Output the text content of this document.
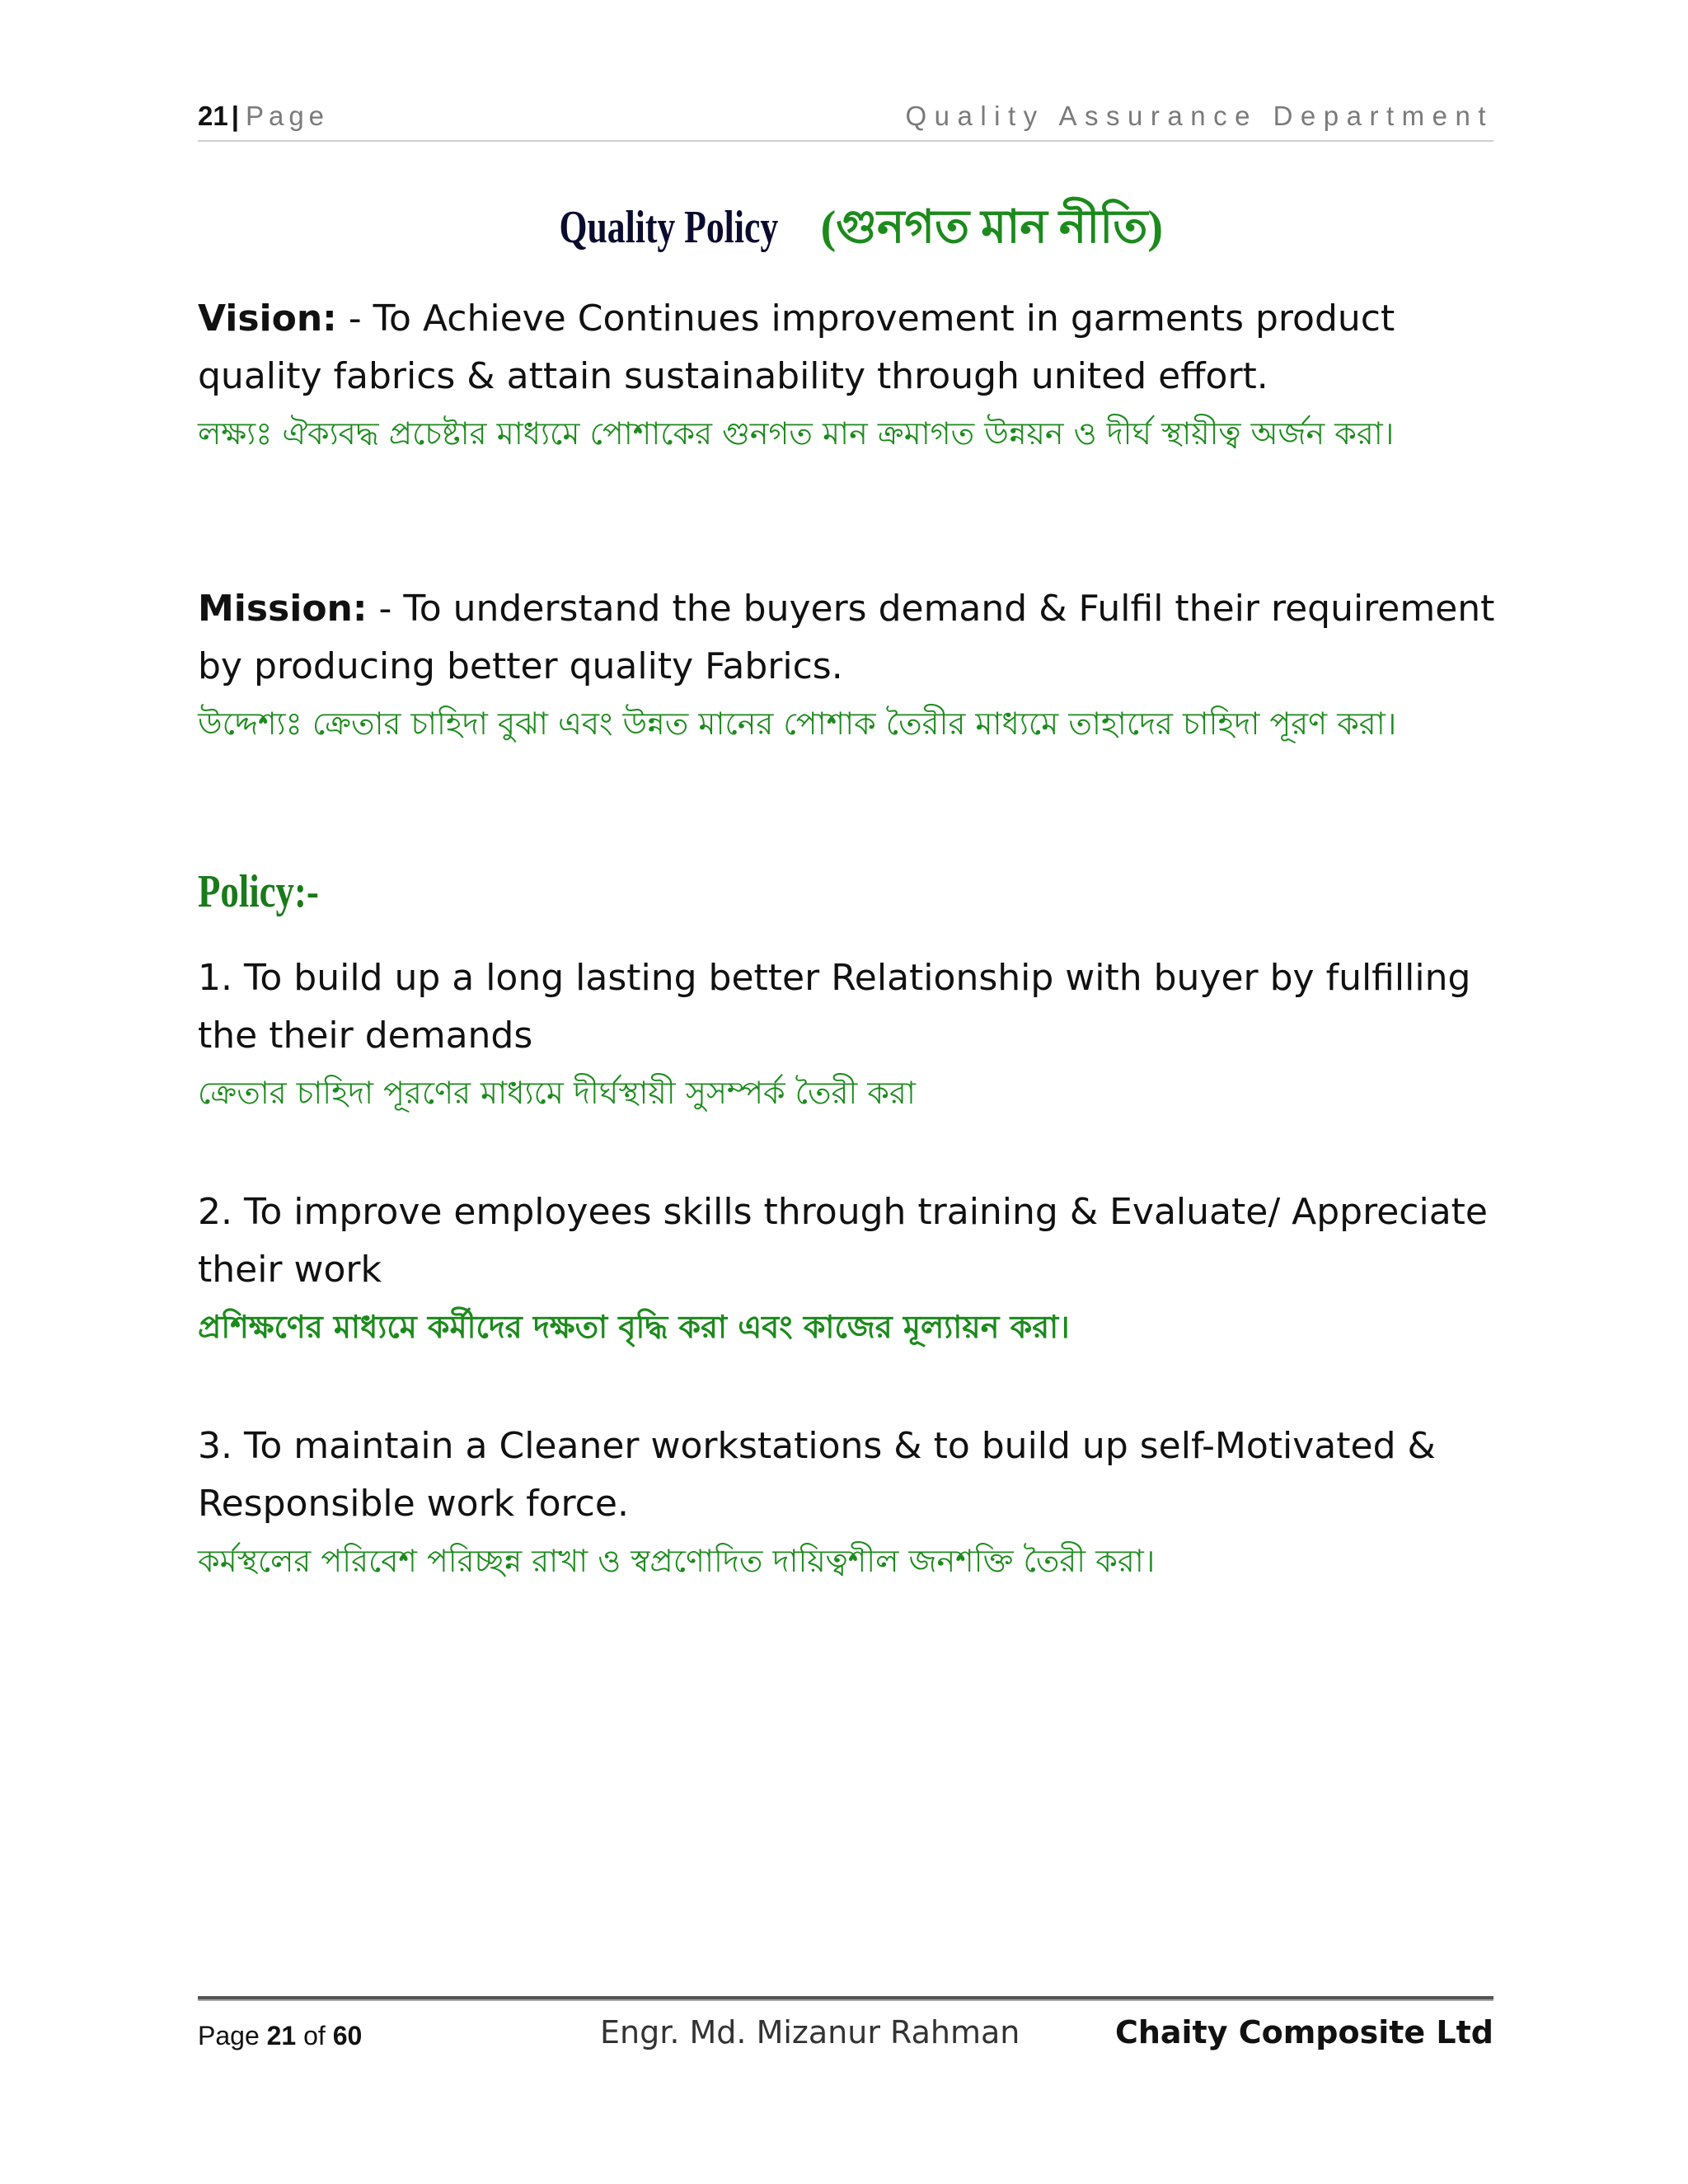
21 | Page	Quality Assurance Department
Quality Policy (গুনগত মান নীতি)
Vision: - To Achieve Continues improvement in garments product quality fabrics & attain sustainability through united effort.
লক্ষ্যঃ ঐক্যবদ্ধ প্রচেষ্টার মাধ্যমে পোশাকের গুনগত মান ক্রমাগত উন্নয়ন ও দীর্ঘ স্থায়ীত্ব অর্জন করা।
Mission: - To understand the buyers demand & Fulfil their requirement by producing better quality Fabrics.
উদ্দেশ্যঃ ক্রেতার চাহিদা বুঝা এবং উন্নত মানের পোশাক তৈরীর মাধ্যমে তাহাদের চাহিদা পূরণ করা।
Policy:-
1. To build up a long lasting better Relationship with buyer by fulfilling the their demands
ক্রেতার চাহিদা পূরণের মাধ্যমে দীর্ঘস্থায়ী সুসম্পর্ক তৈরী করা
2. To improve employees skills through training & Evaluate/ Appreciate their work
প্রশিক্ষণের মাধ্যমে কর্মীদের দক্ষতা বৃদ্ধি করা এবং কাজের মূল্যায়ন করা।
3. To maintain a Cleaner workstations & to build up self-Motivated & Responsible work force.
কর্মস্থলের পরিবেশ পরিচ্ছন্ন রাখা ও স্বপ্রণোদিত দায়িত্বশীল জনশক্তি তৈরী করা।
Page 21 of 60	Engr. Md. Mizanur Rahman	Chaity Composite Ltd
